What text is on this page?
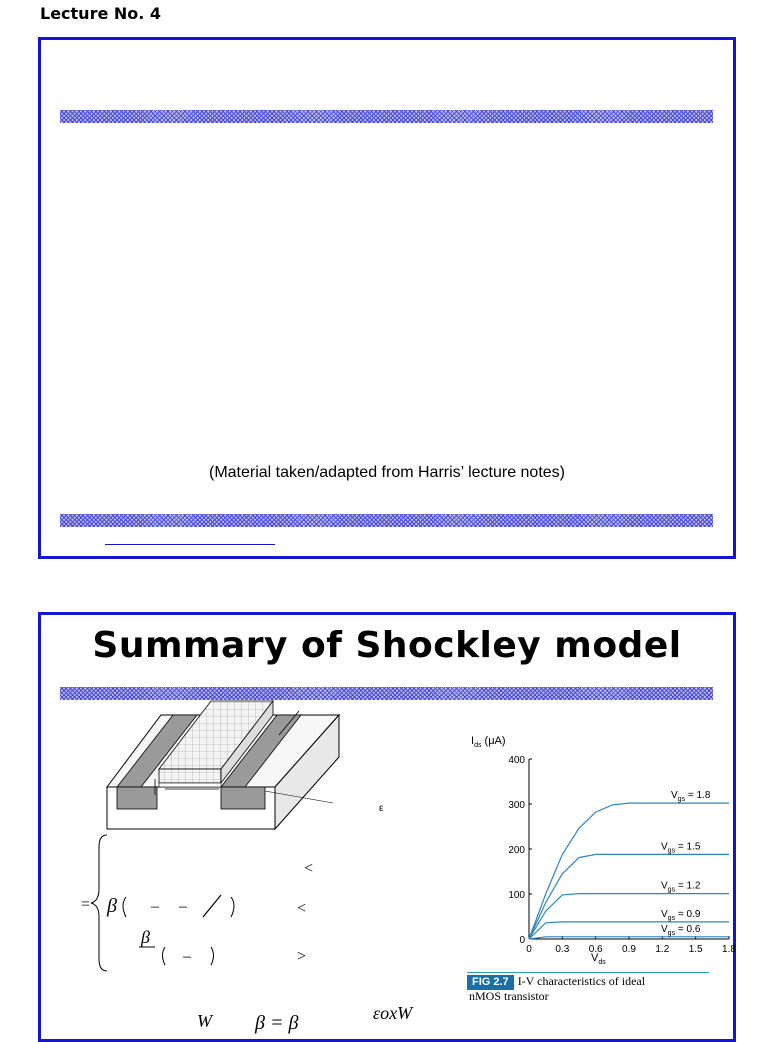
Lecture No. 4
(Material taken/adapted from Harris’ lecture notes)
Summary of Shockley model
ε
=
<
β – –	<
β
–	>
$I_{ds}$ (μA)
0
100
200
300
400
0 0.3 0.6 0.9 1.2 1.5 1.8
$V_{gs} = 1.8$
$V_{gs} = 1.5$
$V_{gs} = 1.2$
$V_{gs} = 0.9$
$V_{gs} = 0.6$
$V_{ds}$
FIG 2.7 I-V characteristics of ideal
nMOS transistor
W β = β	εoxW
